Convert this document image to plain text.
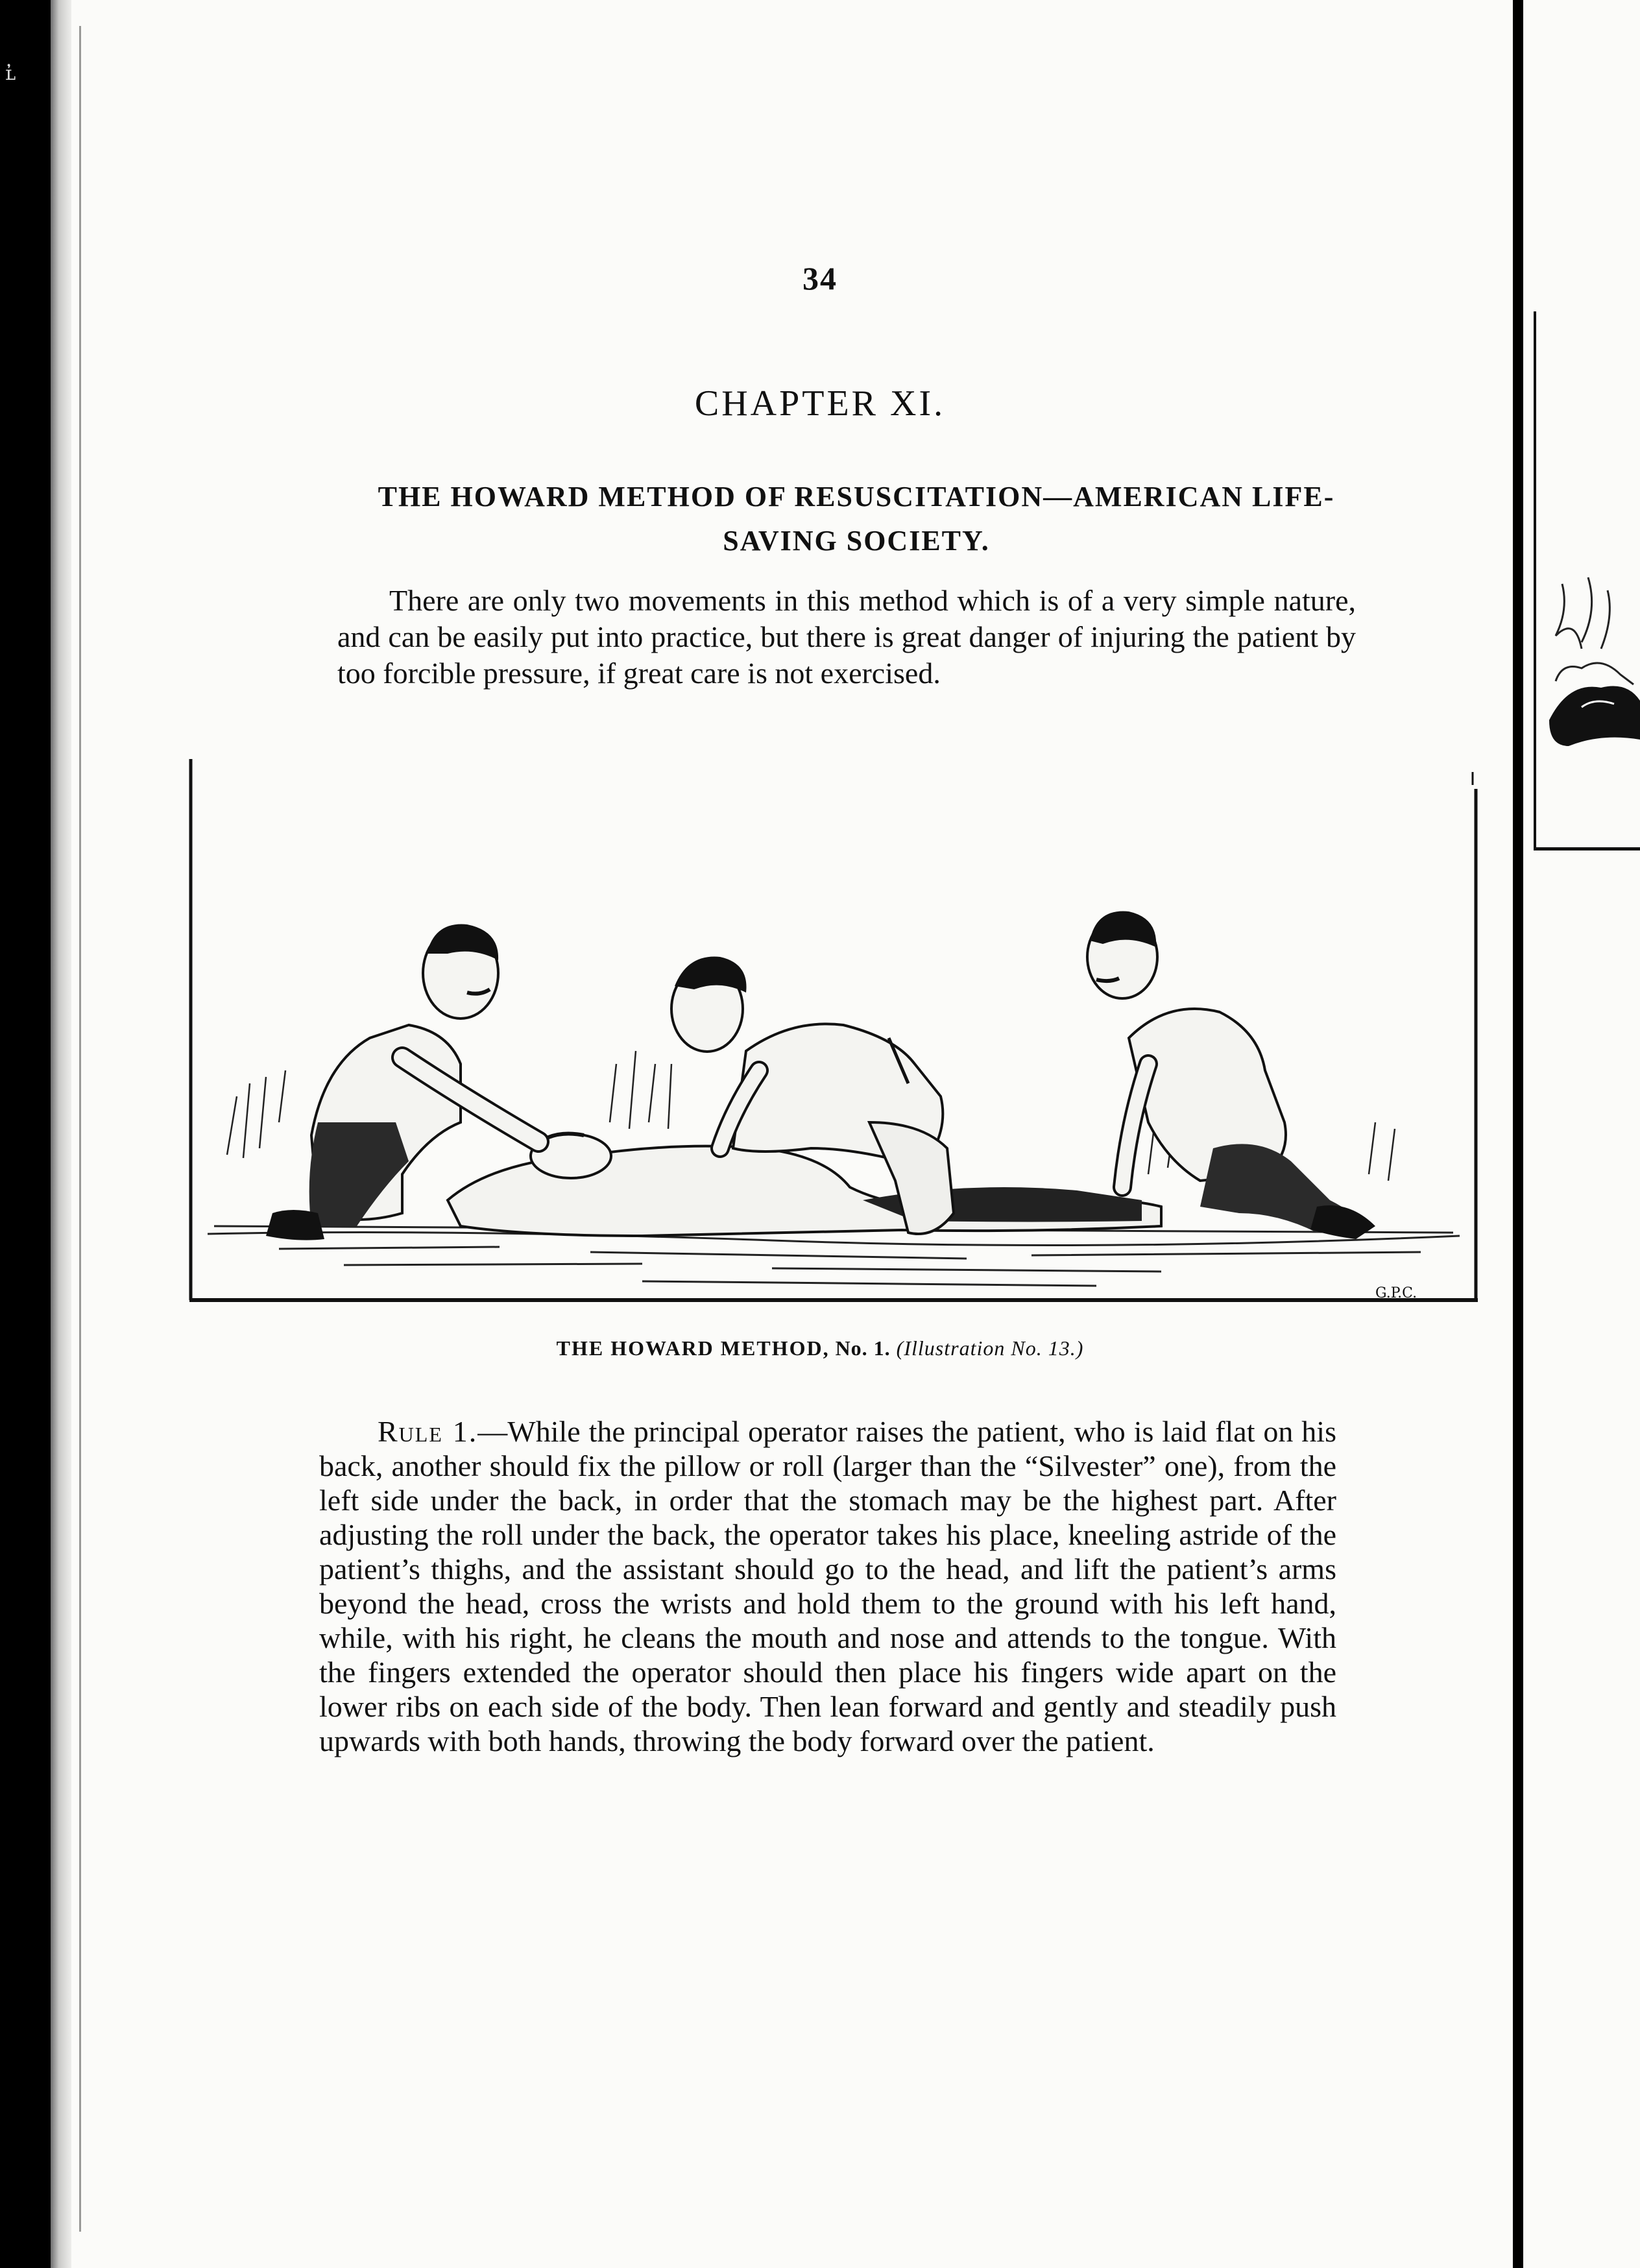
ʟ̓
34
CHAPTER XI.
THE HOWARD METHOD OF RESUSCITATION—AMERICAN LIFE-SAVING SOCIETY.
There are only two movements in this method which is of a very simple nature, and can be easily put into practice, but there is great danger of injuring the patient by too forcible pressure, if great care is not exercised.
G.P.C.
THE HOWARD METHOD, No. 1. (Illustration No. 13.)
Rule 1.—While the principal operator raises the patient, who is laid flat on his back, another should fix the pillow or roll (larger than the “Silvester” one), from the left side under the back, in order that the stomach may be the highest part. After adjusting the roll under the back, the operator takes his place, kneeling astride of the patient’s thighs, and the assistant should go to the head, and lift the patient’s arms beyond the head, cross the wrists and hold them to the ground with his left hand, while, with his right, he cleans the mouth and nose and attends to the tongue. With the fingers extended the operator should then place his fingers wide apart on the lower ribs on each side of the body. Then lean forward and gently and steadily push upwards with both hands, throwing the body forward over the patient.
